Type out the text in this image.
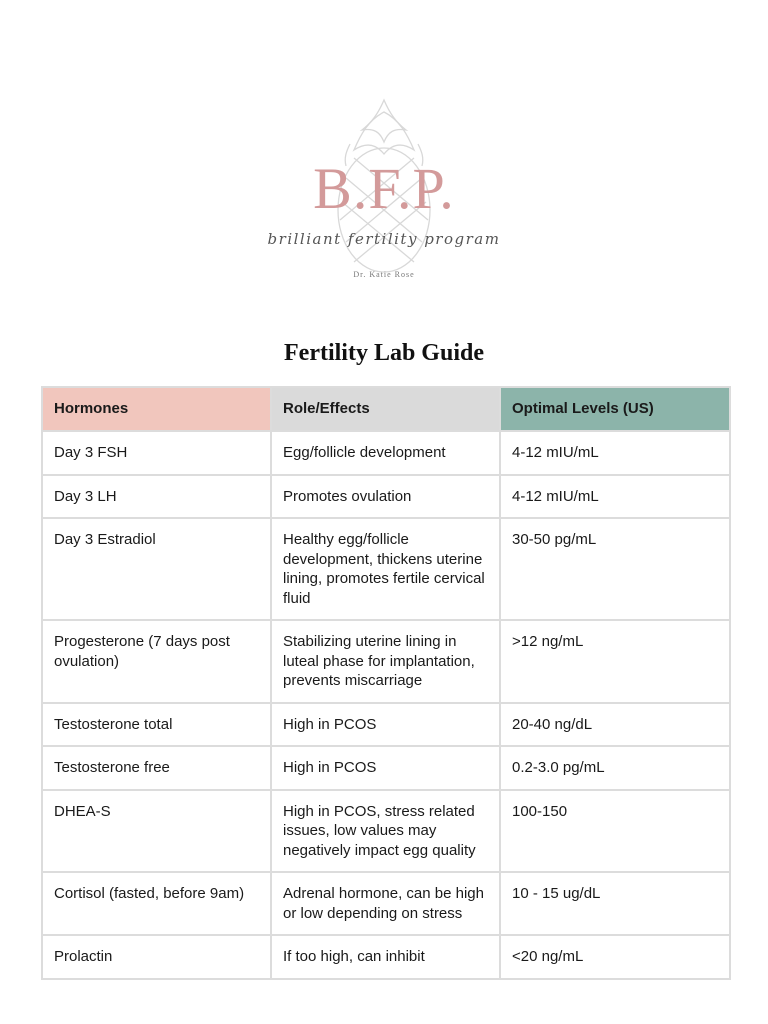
B.F.P.
brilliant fertility program
Dr. Katie Rose
Fertility Lab Guide
Hormones	Role/Effects	Optimal Levels (US)
Day 3 FSH	Egg/follicle development	4-12 mIU/mL
Day 3 LH	Promotes ovulation	4-12 mIU/mL
Day 3 Estradiol	Healthy egg/follicle development, thickens uterine lining, promotes fertile cervical fluid	30-50 pg/mL
Progesterone (7 days post ovulation)	Stabilizing uterine lining in luteal phase for implantation, prevents miscarriage	>12 ng/mL
Testosterone total	High in PCOS	20-40 ng/dL
Testosterone free	High in PCOS	0.2-3.0 pg/mL
DHEA-S	High in PCOS, stress related issues, low values may negatively impact egg quality	100-150
Cortisol (fasted, before 9am)	Adrenal hormone, can be high or low depending on stress	10 - 15 ug/dL
Prolactin	If too high, can inhibit	<20 ng/mL
